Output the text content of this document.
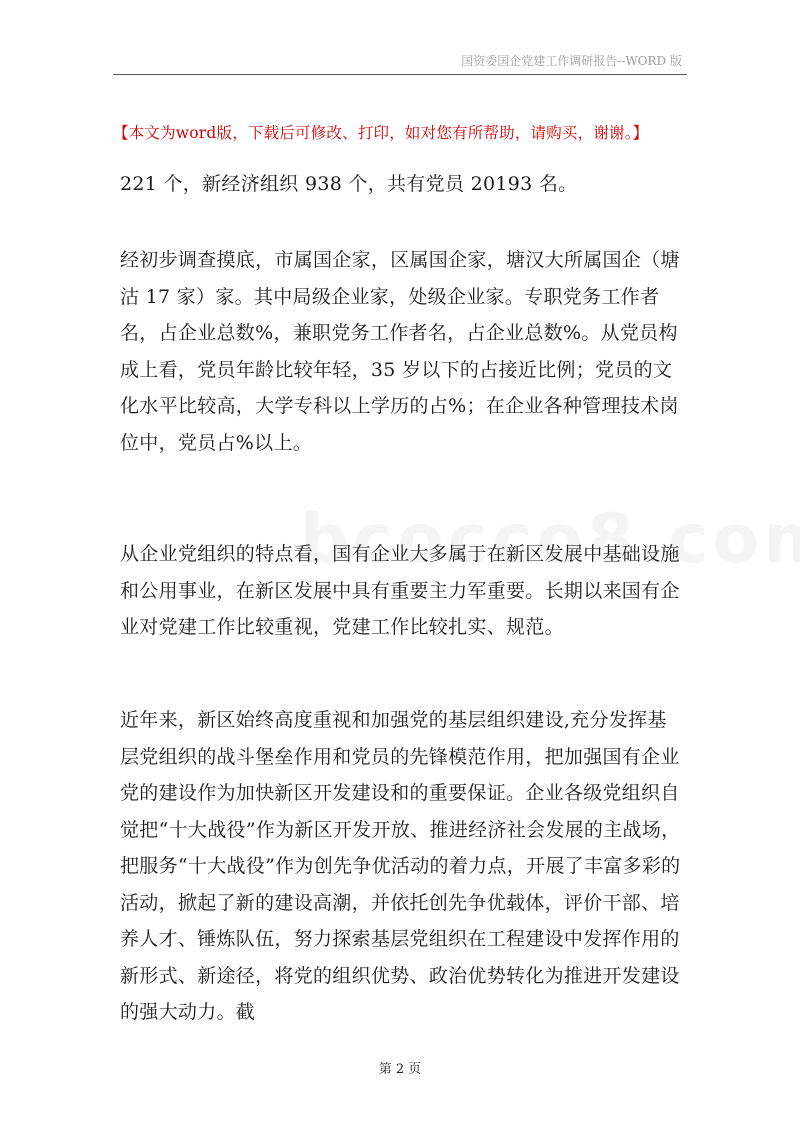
国资委国企党建工作调研报告--WORD 版
【本文为word版，下载后可修改、打印，如对您有所帮助，请购买，谢谢。】

221 个，新经济组织 938 个，共有党员 20193 名。

经初步调查摸底，市属国企家，区属国企家，塘汉大所属国企（塘沽 17 家）家。其中局级企业家，处级企业家。专职党务工作者名，占企业总数%，兼职党务工作者名，占企业总数%。从党员构成上看，党员年龄比较年轻，35 岁以下的占接近比例；党员的文化水平比较高，大学专科以上学历的占%；在企业各种管理技术岗位中，党员占%以上。

从企业党组织的特点看，国有企业大多属于在新区发展中基础设施和公用事业，在新区发展中具有重要主力军重要。长期以来国有企业对党建工作比较重视，党建工作比较扎实、规范。

近年来，新区始终高度重视和加强党的基层组织建设,充分发挥基层党组织的战斗堡垒作用和党员的先锋模范作用，把加强国有企业党的建设作为加快新区开发建设和的重要保证。企业各级党组织自觉把“十大战役”作为新区开发开放、推进经济社会发展的主战场，把服务“十大战役”作为创先争优活动的着力点，开展了丰富多彩的活动，掀起了新的建设高潮，并依托创先争优载体，评价干部、培养人才、锤炼队伍，努力探索基层党组织在工程建设中发挥作用的新形式、新途径，将党的组织优势、政治优势转化为推进开发建设的强大动力。截

第 2 页
